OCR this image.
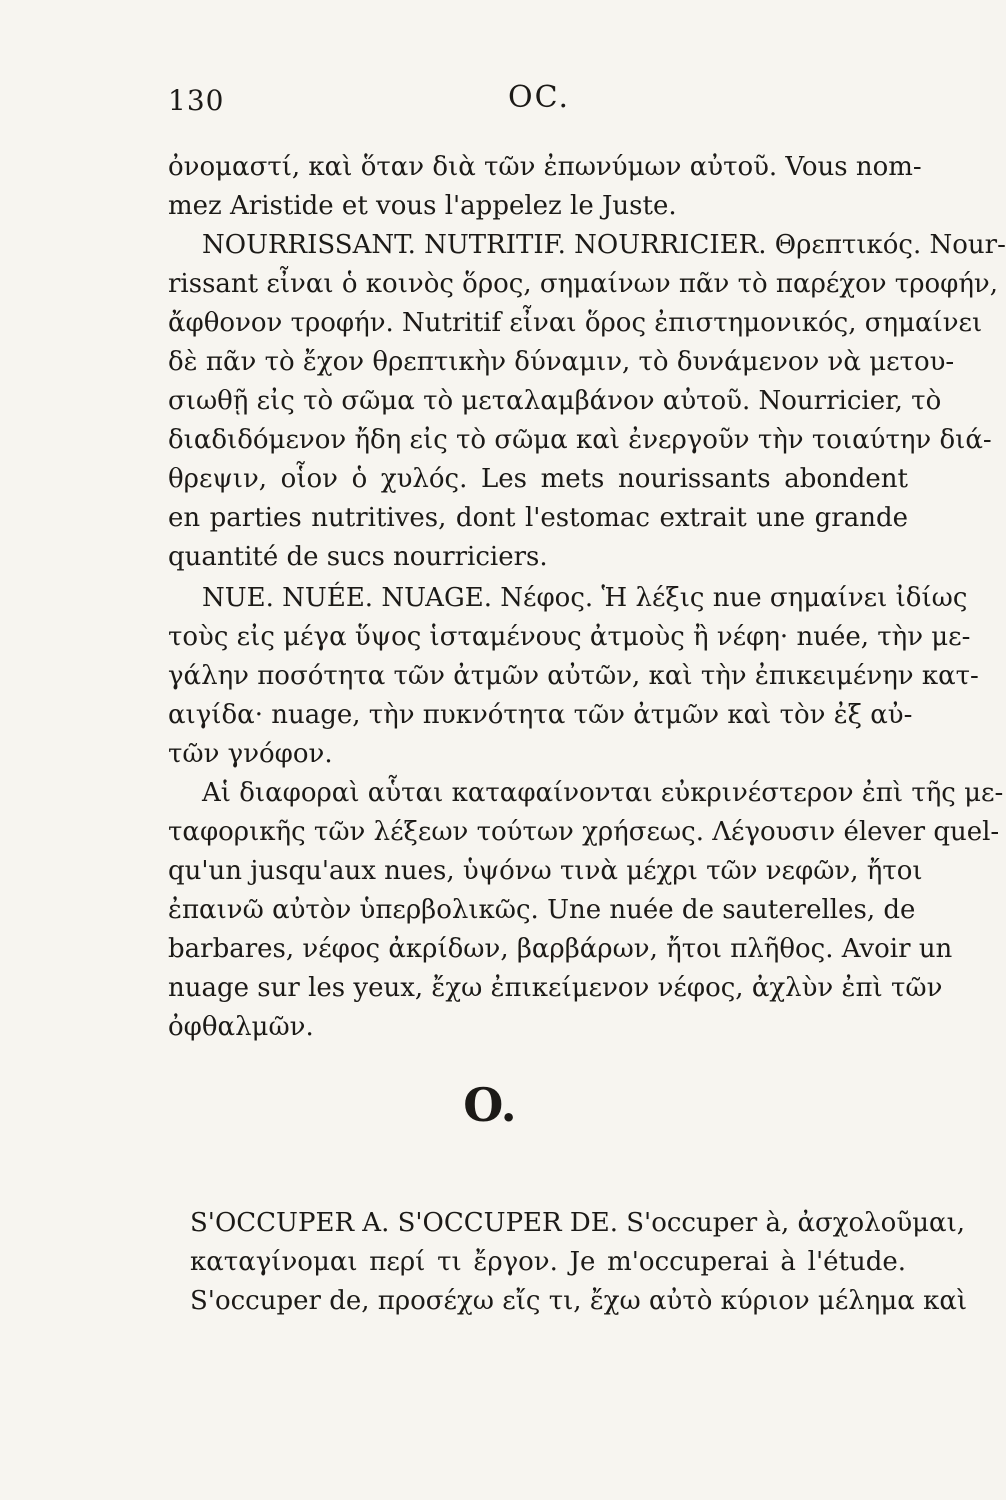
130	OC.
ὀνομαστί, καὶ ὅταν διὰ τῶν ἐπωνύμων αὐτοῦ. Vous nom-
mez Aristide et vous l'appelez le Juste.
NOURRISSANT. NUTRITIF. NOURRICIER. Θρεπτικός. Nour-
rissant εἶναι ὁ κοινὸς ὅρος, σημαίνων πᾶν τὸ παρέχον τροφήν,
ἄφθονον τροφήν. Nutritif εἶναι ὅρος ἐπιστημονικός, σημαίνει
δὲ πᾶν τὸ ἔχον θρεπτικὴν δύναμιν, τὸ δυνάμενον νὰ μετου-
σιωθῇ εἰς τὸ σῶμα τὸ μεταλαμβάνον αὐτοῦ. Nourricier, τὸ
διαδιδόμενον ἤδη εἰς τὸ σῶμα καὶ ἐνεργοῦν τὴν τοιαύτην διά-
θρεψιν, οἷον ὁ χυλός. Les mets nourissants abondent
en parties nutritives, dont l'estomac extrait une grande
quantité de sucs nourriciers.
NUE. NUÉE. NUAGE. Νέφος. Ἡ λέξις nue σημαίνει ἰδίως
τοὺς εἰς μέγα ὕψος ἱσταμένους ἀτμοὺς ἢ νέφη· nuée, τὴν με-
γάλην ποσότητα τῶν ἀτμῶν αὐτῶν, καὶ τὴν ἐπικειμένην κατ-
αιγίδα· nuage, τὴν πυκνότητα τῶν ἀτμῶν καὶ τὸν ἐξ αὐ-
τῶν γνόφον.
Αἱ διαφοραὶ αὗται καταφαίνονται εὐκρινέστερον ἐπὶ τῆς με-
ταφορικῆς τῶν λέξεων τούτων χρήσεως. Λέγουσιν élever quel-
qu'un jusqu'aux nues, ὑψόνω τινὰ μέχρι τῶν νεφῶν, ἤτοι
ἐπαινῶ αὐτὸν ὑπερβολικῶς. Une nuée de sauterelles, de
barbares, νέφος ἀκρίδων, βαρβάρων, ἤτοι πλῆθος. Avoir un
nuage sur les yeux, ἔχω ἐπικείμενον νέφος, ἀχλὺν ἐπὶ τῶν
ὀφθαλμῶν.
O.
S'OCCUPER A. S'OCCUPER DE. S'occuper à, ἀσχολοῦμαι,
καταγίνομαι περί τι ἔργον. Je m'occuperai à l'étude.
S'occuper de, προσέχω εἴς τι, ἔχω αὐτὸ κύριον μέλημα καὶ
